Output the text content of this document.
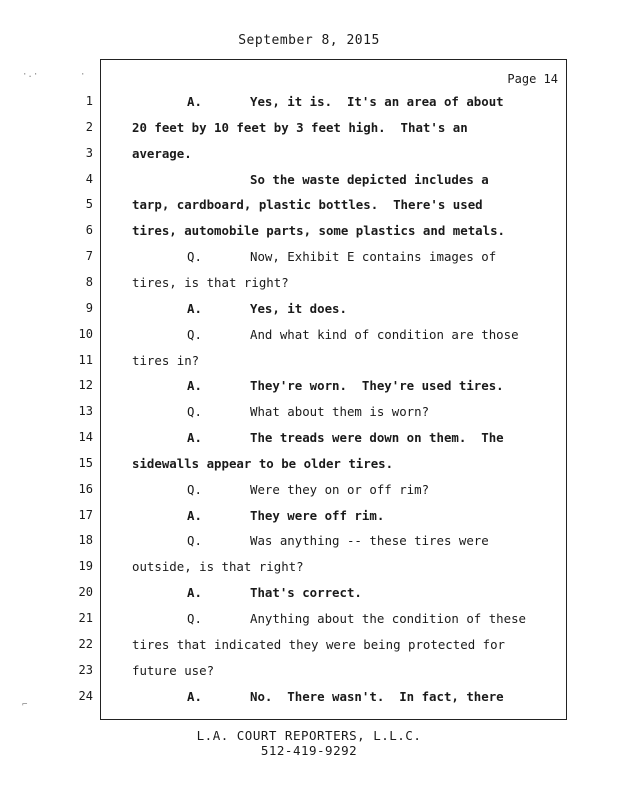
September 8, 2015
Page 14
1	A.	Yes, it is.  It's an area of about
2	20 feet by 10 feet by 3 feet high.  That's an
3	average.
4	So the waste depicted includes a
5	tarp, cardboard, plastic bottles.  There's used
6	tires, automobile parts, some plastics and metals.
7	Q.	Now, Exhibit E contains images of
8	tires, is that right?
9	A.	Yes, it does.
10	Q.	And what kind of condition are those
11	tires in?
12	A.	They're worn.  They're used tires.
13	Q.	What about them is worn?
14	A.	The treads were down on them.  The
15	sidewalls appear to be older tires.
16	Q.	Were they on or off rim?
17	A.	They were off rim.
18	Q.	Was anything -- these tires were
19	outside, is that right?
20	A.	That's correct.
21	Q.	Anything about the condition of these
22	tires that indicated they were being protected for
23	future use?
24	A.	No.  There wasn't.  In fact, there
L.A. COURT REPORTERS, L.L.C.
512-419-9292
·.·	·
⌐
